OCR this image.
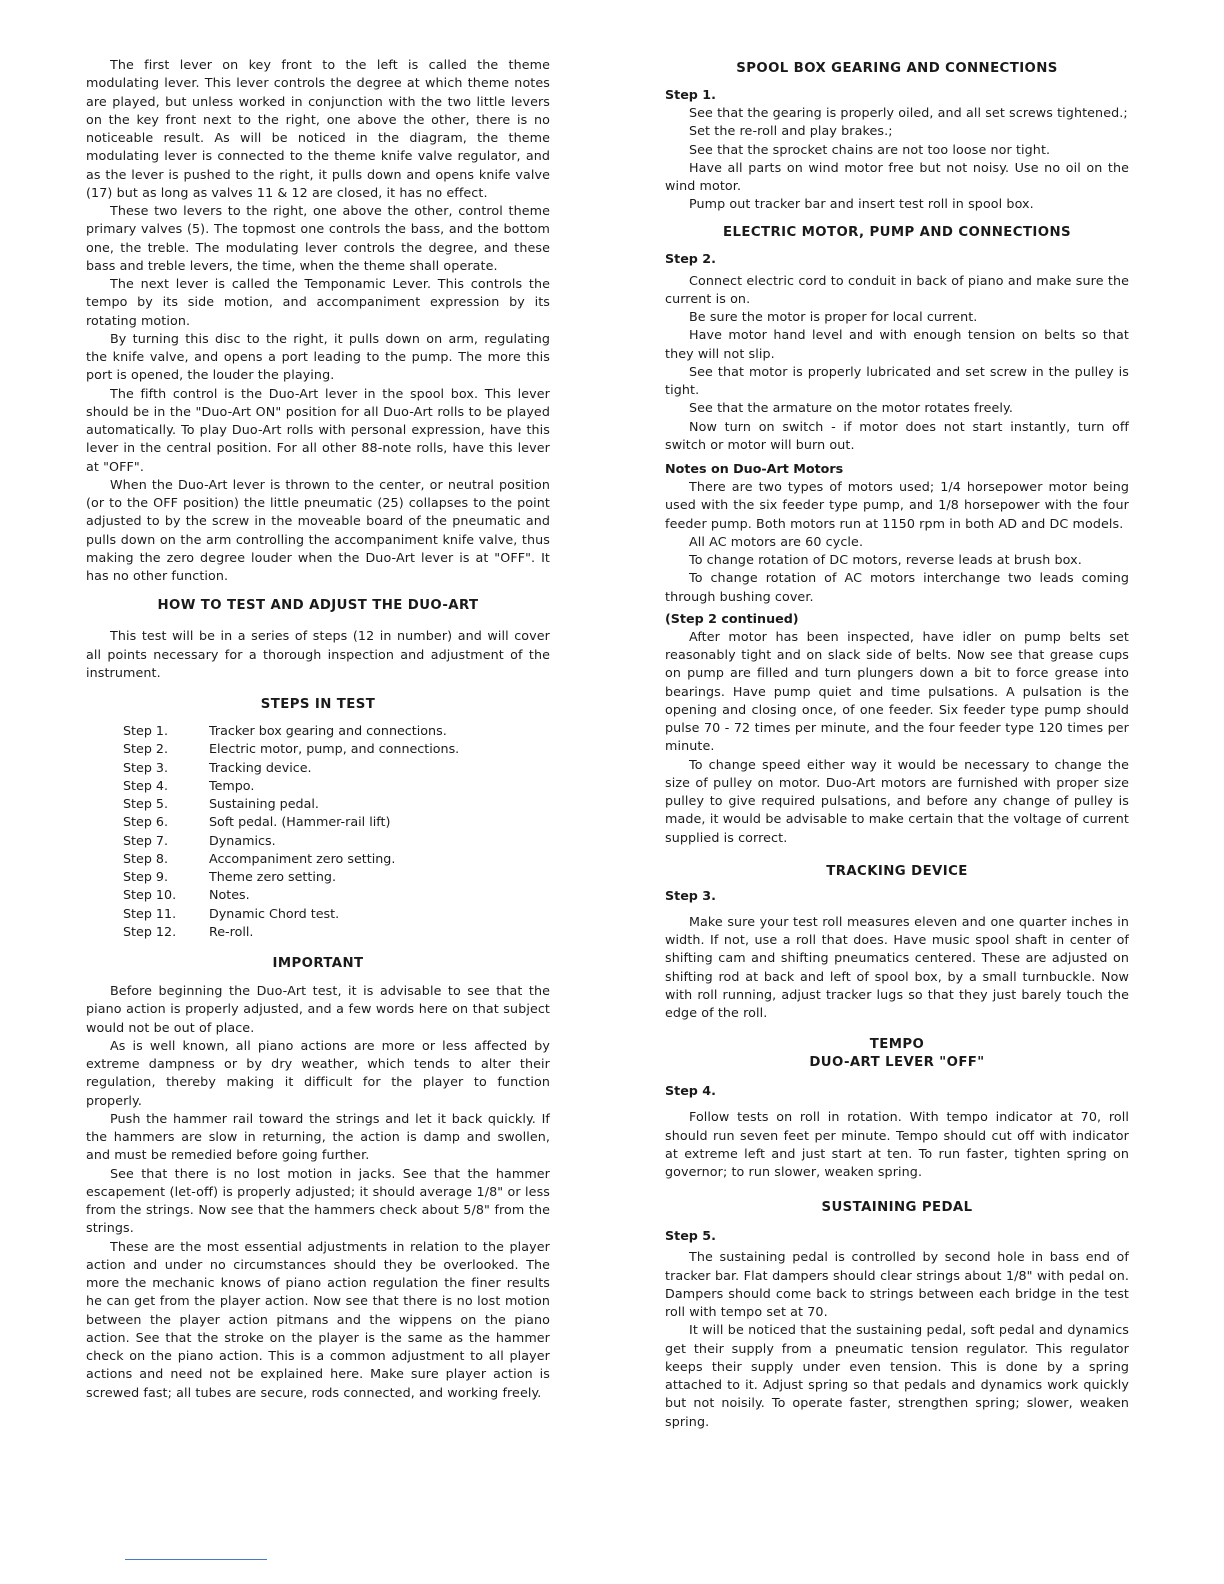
The first lever on key front to the left is called the theme modulating lever. This lever controls the degree at which theme notes are played, but unless worked in conjunction with the two little levers on the key front next to the right, one above the other, there is no noticeable result. As will be noticed in the diagram, the theme modulating lever is connected to the theme knife valve regulator, and as the lever is pushed to the right, it pulls down and opens knife valve (17) but as long as valves 11 & 12 are closed, it has no effect.

These two levers to the right, one above the other, control theme primary valves (5). The topmost one controls the bass, and the bottom one, the treble. The modulating lever controls the degree, and these bass and treble levers, the time, when the theme shall operate.

The next lever is called the Temponamic Lever. This controls the tempo by its side motion, and accompaniment expression by its rotating motion.

By turning this disc to the right, it pulls down on arm, regulating the knife valve, and opens a port leading to the pump. The more this port is opened, the louder the playing.

The fifth control is the Duo-Art lever in the spool box. This lever should be in the "Duo-Art ON" position for all Duo-Art rolls to be played automatically. To play Duo-Art rolls with personal expression, have this lever in the central position. For all other 88-note rolls, have this lever at "OFF".

When the Duo-Art lever is thrown to the center, or neutral position (or to the OFF position) the little pneumatic (25) collapses to the point adjusted to by the screw in the moveable board of the pneumatic and pulls down on the arm controlling the accompaniment knife valve, thus making the zero degree louder when the Duo-Art lever is at "OFF". It has no other function.

HOW TO TEST AND ADJUST THE DUO-ART

This test will be in a series of steps (12 in number) and will cover all points necessary for a thorough inspection and adjustment of the instrument.

STEPS IN TEST
Step 1.	Tracker box gearing and connections.
Step 2.	Electric motor, pump, and connections.
Step 3.	Tracking device.
Step 4.	Tempo.
Step 5.	Sustaining pedal.
Step 6.	Soft pedal. (Hammer-rail lift)
Step 7.	Dynamics.
Step 8.	Accompaniment zero setting.
Step 9.	Theme zero setting.
Step 10.	Notes.
Step 11.	Dynamic Chord test.
Step 12.	Re-roll.
IMPORTANT

Before beginning the Duo-Art test, it is advisable to see that the piano action is properly adjusted, and a few words here on that subject would not be out of place.

As is well known, all piano actions are more or less affected by extreme dampness or by dry weather, which tends to alter their regulation, thereby making it difficult for the player to function properly.

Push the hammer rail toward the strings and let it back quickly. If the hammers are slow in returning, the action is damp and swollen, and must be remedied before going further.

See that there is no lost motion in jacks. See that the hammer escapement (let-off) is properly adjusted; it should average 1/8" or less from the strings. Now see that the hammers check about 5/8" from the strings.

These are the most essential adjustments in relation to the player action and under no circumstances should they be overlooked. The more the mechanic knows of piano action regulation the finer results he can get from the player action. Now see that there is no lost motion between the player action pitmans and the wippens on the piano action. See that the stroke on the player is the same as the hammer check on the piano action. This is a common adjustment to all player actions and need not be explained here. Make sure player action is screwed fast; all tubes are secure, rods connected, and working freely.

SPOOL BOX GEARING AND CONNECTIONS
Step 1.

See that the gearing is properly oiled, and all set screws tightened.;

Set the re-roll and play brakes.;

See that the sprocket chains are not too loose nor tight.

Have all parts on wind motor free but not noisy. Use no oil on the wind motor.

Pump out tracker bar and insert test roll in spool box.

ELECTRIC MOTOR, PUMP AND CONNECTIONS
Step 2.

Connect electric cord to conduit in back of piano and make sure the current is on.

Be sure the motor is proper for local current.

Have motor hand level and with enough tension on belts so that they will not slip.

See that motor is properly lubricated and set screw in the pulley is tight.

See that the armature on the motor rotates freely.

Now turn on switch - if motor does not start instantly, turn off switch or motor will burn out.

Notes on Duo-Art Motors

There are two types of motors used; 1/4 horsepower motor being used with the six feeder type pump, and 1/8 horsepower with the four feeder pump. Both motors run at 1150 rpm in both AD and DC models.

All AC motors are 60 cycle.

To change rotation of DC motors, reverse leads at brush box.

To change rotation of AC motors interchange two leads coming through bushing cover.

(Step 2 continued)

After motor has been inspected, have idler on pump belts set reasonably tight and on slack side of belts. Now see that grease cups on pump are filled and turn plungers down a bit to force grease into bearings. Have pump quiet and time pulsations. A pulsation is the opening and closing once, of one feeder. Six feeder type pump should pulse 70 - 72 times per minute, and the four feeder type 120 times per minute.

To change speed either way it would be necessary to change the size of pulley on motor. Duo-Art motors are furnished with proper size pulley to give required pulsations, and before any change of pulley is made, it would be advisable to make certain that the voltage of current supplied is correct.

TRACKING DEVICE
Step 3.

Make sure your test roll measures eleven and one quarter inches in width. If not, use a roll that does. Have music spool shaft in center of shifting cam and shifting pneumatics centered. These are adjusted on shifting rod at back and left of spool box, by a small turnbuckle. Now with roll running, adjust tracker lugs so that they just barely touch the edge of the roll.

TEMPO
DUO-ART LEVER "OFF"
Step 4.

Follow tests on roll in rotation. With tempo indicator at 70, roll should run seven feet per minute. Tempo should cut off with indicator at extreme left and just start at ten. To run faster, tighten spring on governor; to run slower, weaken spring.

SUSTAINING PEDAL
Step 5.

The sustaining pedal is controlled by second hole in bass end of tracker bar. Flat dampers should clear strings about 1/8" with pedal on. Dampers should come back to strings between each bridge in the test roll with tempo set at 70.

It will be noticed that the sustaining pedal, soft pedal and dynamics get their supply from a pneumatic tension regulator. This regulator keeps their supply under even tension. This is done by a spring attached to it. Adjust spring so that pedals and dynamics work quickly but not noisily. To operate faster, strengthen spring; slower, weaken spring.
